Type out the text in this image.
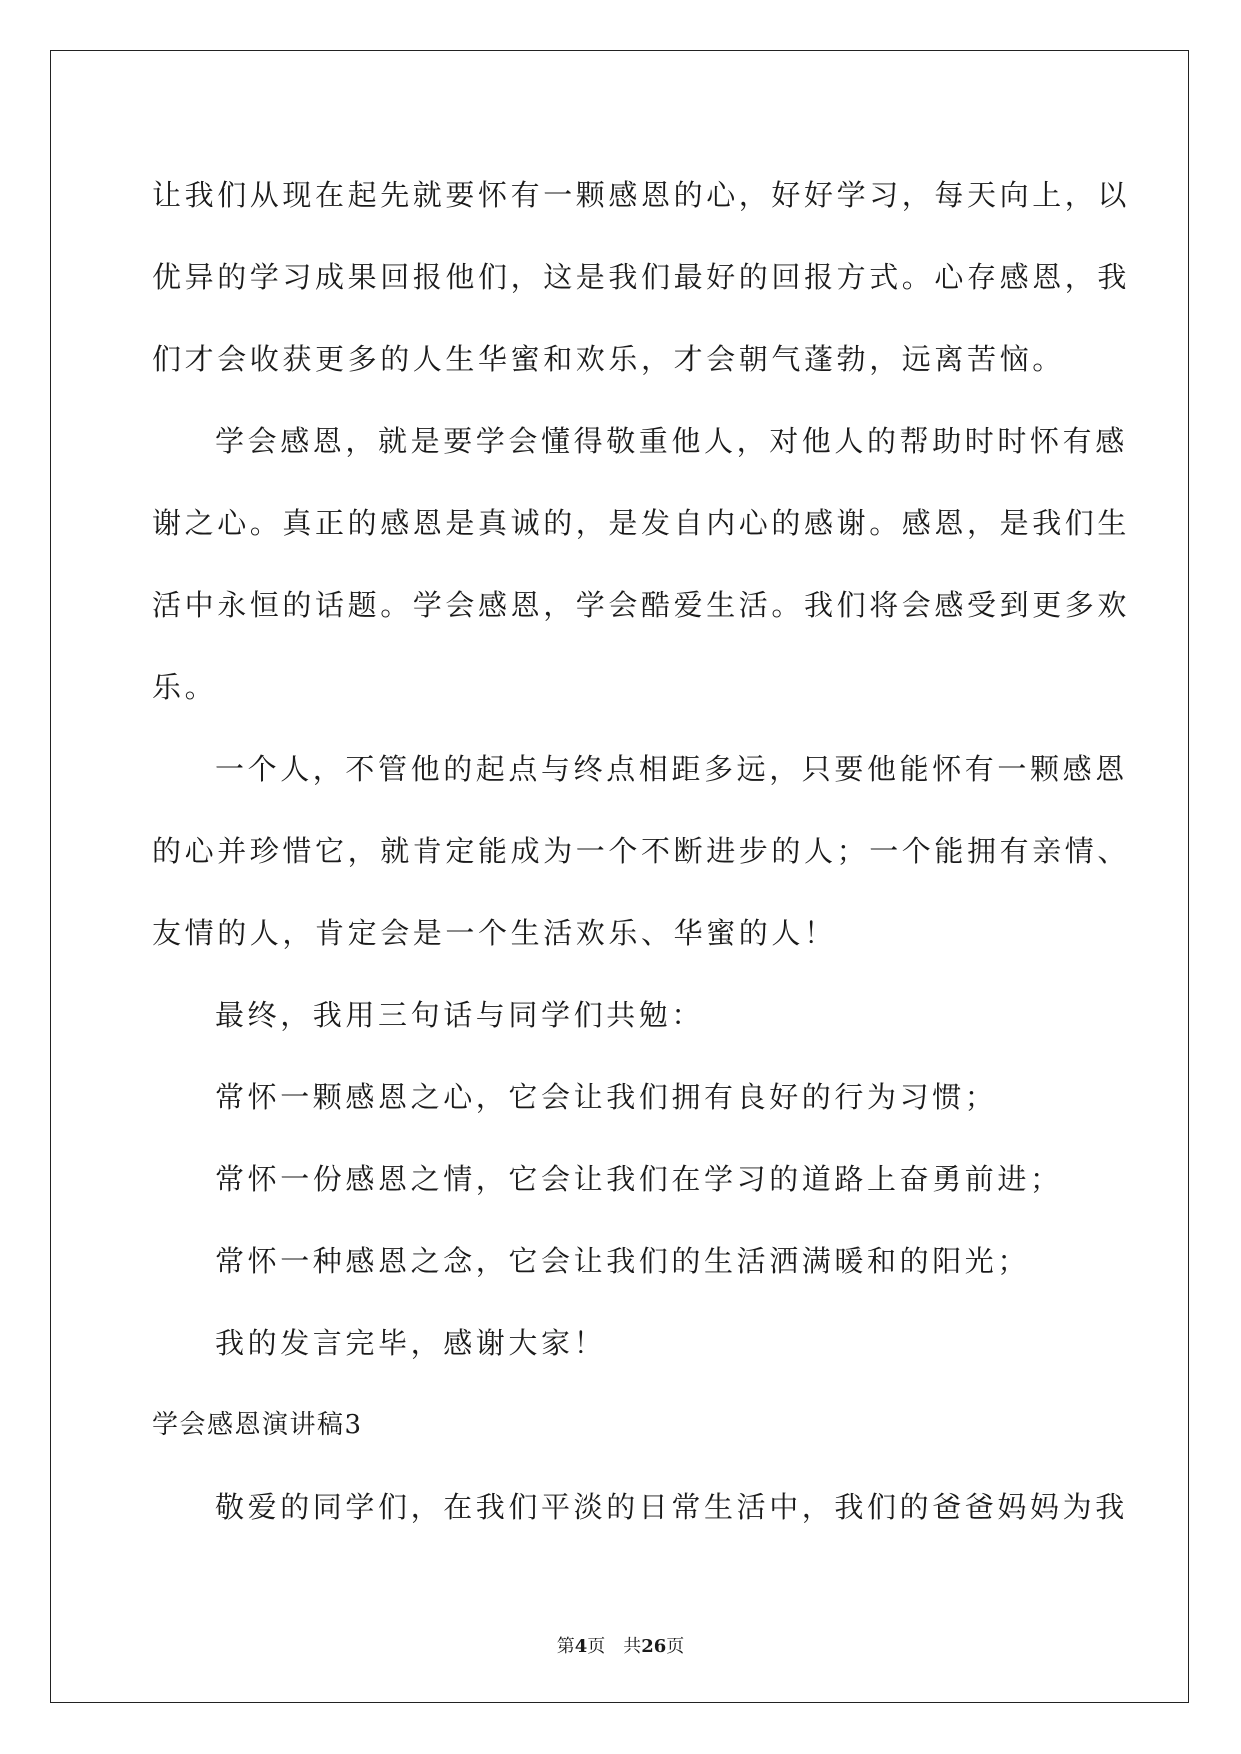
让我们从现在起先就要怀有一颗感恩的心，好好学习，每天向上，以
优异的学习成果回报他们，这是我们最好的回报方式。心存感恩，我
们才会收获更多的人生华蜜和欢乐，才会朝气蓬勃，远离苦恼。
学会感恩，就是要学会懂得敬重他人，对他人的帮助时时怀有感
谢之心。真正的感恩是真诚的，是发自内心的感谢。感恩，是我们生
活中永恒的话题。学会感恩，学会酷爱生活。我们将会感受到更多欢
乐。
一个人，不管他的起点与终点相距多远，只要他能怀有一颗感恩
的心并珍惜它，就肯定能成为一个不断进步的人；一个能拥有亲情、
友情的人，肯定会是一个生活欢乐、华蜜的人！
最终，我用三句话与同学们共勉：
常怀一颗感恩之心，它会让我们拥有良好的行为习惯；
常怀一份感恩之情，它会让我们在学习的道路上奋勇前进；
常怀一种感恩之念，它会让我们的生活洒满暖和的阳光；
我的发言完毕，感谢大家！
学会感恩演讲稿3
敬爱的同学们，在我们平淡的日常生活中，我们的爸爸妈妈为我
第4页 共26页
